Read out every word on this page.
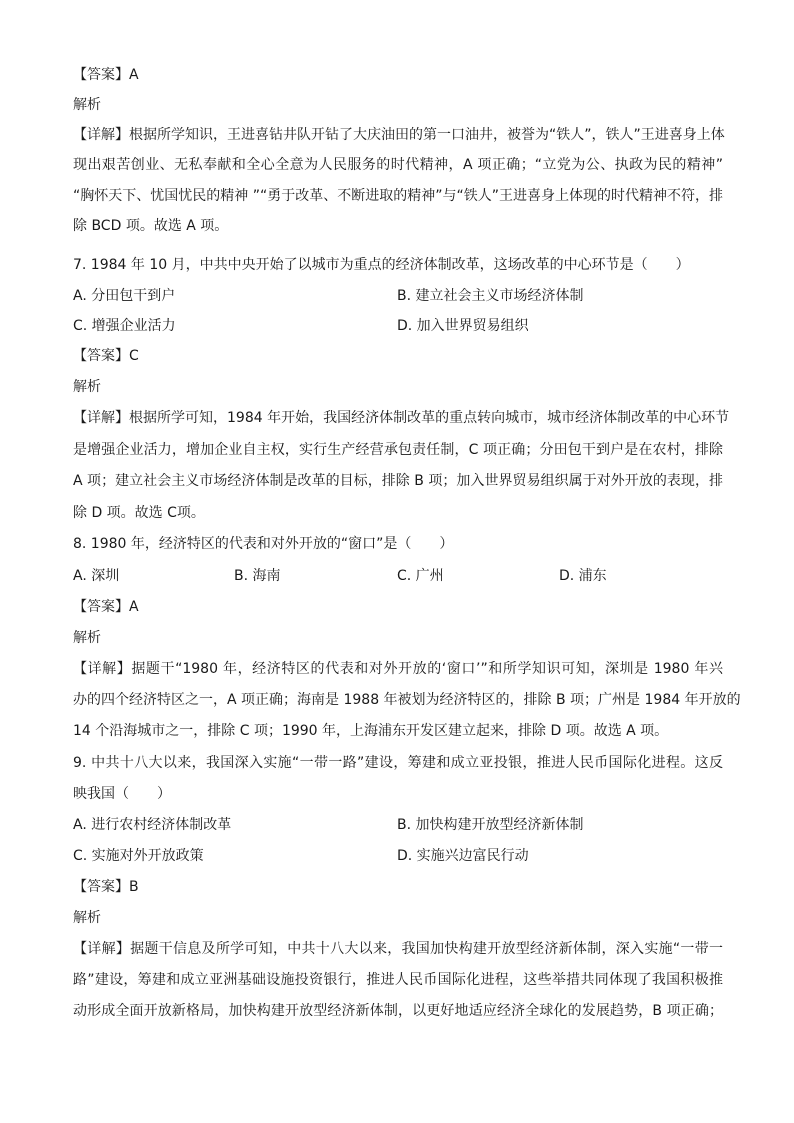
【答案】A
解析
【详解】根据所学知识，王进喜钻井队开钻了大庆油田的第一口油井，被誉为“铁人”，铁人”王进喜身上体
现出艰苦创业、无私奉献和全心全意为人民服务的时代精神，A 项正确；“立党为公、执政为民的精神”
“胸怀天下、忧国忧民的精神 ”“勇于改革、不断进取的精神”与“铁人”王进喜身上体现的时代精神不符，排
除 BCD 项。故选 A 项。
7. 1984 年 10 月，中共中央开始了以城市为重点的经济体制改革，这场改革的中心环节是（　　）
A. 分田包干到户	B. 建立社会主义市场经济体制
C. 增强企业活力	D. 加入世界贸易组织
【答案】C
解析
【详解】根据所学可知，1984 年开始，我国经济体制改革的重点转向城市，城市经济体制改革的中心环节
是增强企业活力，增加企业自主权，实行生产经营承包责任制，C 项正确；分田包干到户是在农村，排除
A 项；建立社会主义市场经济体制是改革的目标，排除 B 项；加入世界贸易组织属于对外开放的表现，排
除 D 项。故选 C项。
8. 1980 年，经济特区的代表和对外开放的“窗口”是（　　）
A. 深圳	B. 海南	C. 广州	D. 浦东
【答案】A
解析
【详解】据题干“1980 年，经济特区的代表和对外开放的‘窗口’”和所学知识可知，深圳是 1980 年兴
办的四个经济特区之一，A 项正确；海南是 1988 年被划为经济特区的，排除 B 项；广州是 1984 年开放的
14 个沿海城市之一，排除 C 项；1990 年，上海浦东开发区建立起来，排除 D 项。故选 A 项。
9. 中共十八大以来，我国深入实施“一带一路”建设，筹建和成立亚投银，推进人民币国际化进程。这反
映我国（　　）
A. 进行农村经济体制改革	B. 加快构建开放型经济新体制
C. 实施对外开放政策	D. 实施兴边富民行动
【答案】B
解析
【详解】据题干信息及所学可知，中共十八大以来，我国加快构建开放型经济新体制，深入实施“一带一
路”建设，筹建和成立亚洲基础设施投资银行，推进人民币国际化进程，这些举措共同体现了我国积极推
动形成全面开放新格局，加快构建开放型经济新体制，以更好地适应经济全球化的发展趋势，B 项正确；
